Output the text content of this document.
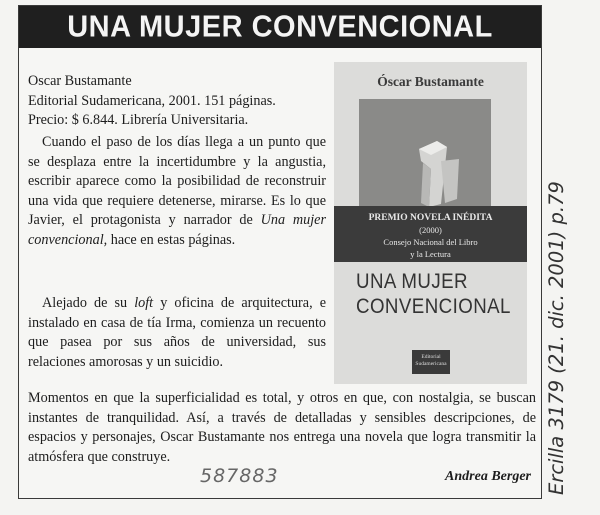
UNA MUJER CONVENCIONAL
Oscar Bustamante
Editorial Sudamericana, 2001. 151 páginas.
Precio: $ 6.844. Librería Universitaria.

Cuando el paso de los días llega a un punto que se desplaza entre la incertidumbre y la angustia, escribir aparece como la posibilidad de reconstruir una vida que requiere detenerse, mirarse. Es lo que Javier, el protagonista y narrador de Una mujer convencional, hace en estas páginas.

Alejado de su loft y oficina de arquitectura, e instalado en casa de tía Irma, comienza un recuento que pasea por sus años de universidad, sus relaciones amorosas y un suicidio.

Momentos en que la superficialidad es total, y otros en que, con nostalgia, se buscan instantes de tranquilidad. Así, a través de detalladas y sensibles descripciones, de espacios y personajes, Oscar Bustamante nos entrega una novela que logra transmitir la atmósfera que construye.
Andrea Berger
Óscar Bustamante
PREMIO NOVELA INÉDITA
(2000)
Consejo Nacional del Libro
y la Lectura
UNA MUJER
CONVENCIONAL
Editorial
Sudamericana	Ercilla 3179 (21. dic. 2001) p.79
587883
